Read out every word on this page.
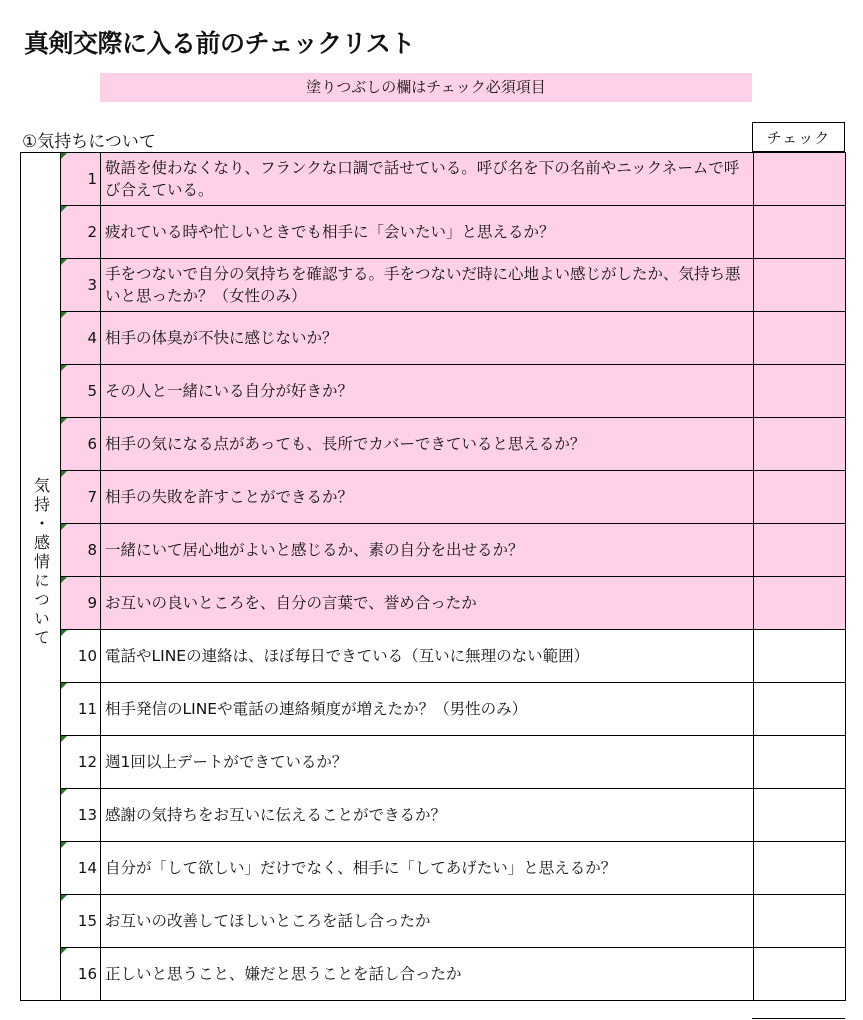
真剣交際に入る前のチェックリスト
塗りつぶしの欄はチェック必須項目
①気持ちについて	チェック
気持・感情について
1
敬語を使わなくなり、フランクな口調で話せている。呼び名を下の名前やニックネームで呼び合えている。
2 疲れている時や忙しいときでも相手に「会いたい」と思えるか？
3
手をつないで自分の気持ちを確認する。手をつないだ時に心地よい感じがしたか、気持ち悪いと思ったか？（女性のみ）
4 相手の体臭が不快に感じないか？
5 その人と一緒にいる自分が好きか？
6 相手の気になる点があっても、長所でカバーできていると思えるか？
7 相手の失敗を許すことができるか？
8 一緒にいて居心地がよいと感じるか、素の自分を出せるか？
9 お互いの良いところを、自分の言葉で、誉め合ったか
10 電話やLINEの連絡は、ほぼ毎日できている（互いに無理のない範囲）
11 相手発信のLINEや電話の連絡頻度が増えたか？（男性のみ）
12 週1回以上デートができているか？
13 感謝の気持ちをお互いに伝えることができるか？
14 自分が「して欲しい」だけでなく、相手に「してあげたい」と思えるか？
15 お互いの改善してほしいところを話し合ったか
16 正しいと思うこと、嫌だと思うことを話し合ったか
